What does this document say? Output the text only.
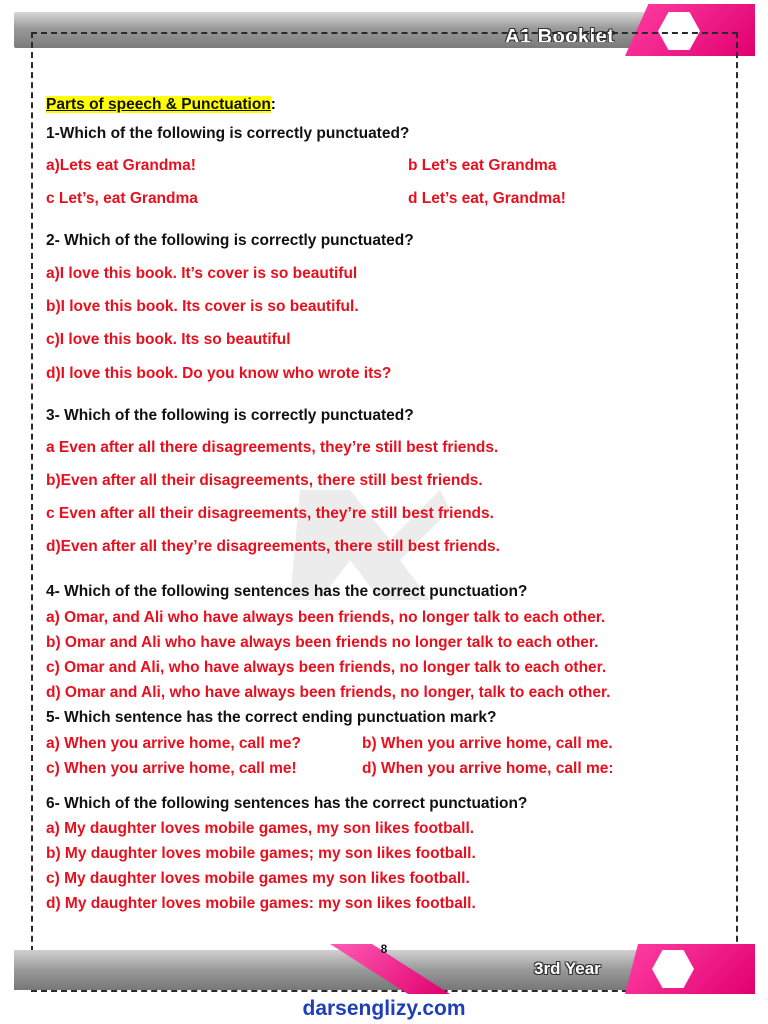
A1 Booklet
Parts of speech & Punctuation:
1-Which of the following is correctly punctuated?
a)Lets eat Grandma!	b Let’s eat Grandma
c Let’s, eat Grandma	d Let’s eat, Grandma!
2- Which of the following is correctly punctuated?
a)I love this book. It’s cover is so beautiful
b)I love this book. Its cover is so beautiful.
c)I love this book. Its so beautiful
d)I love this book. Do you know who wrote its?
3- Which of the following is correctly punctuated?
a Even after all there disagreements, they’re still best friends.
b)Even after all their disagreements, there still best friends.
c Even after all their disagreements, they’re still best friends.
d)Even after all they’re disagreements, there still best friends.
4- Which of the following sentences has the correct punctuation?
a) Omar, and Ali who have always been friends, no longer talk to each other.
b) Omar and Ali who have always been friends no longer talk to each other.
c) Omar and Ali, who have always been friends, no longer talk to each other.
d) Omar and Ali, who have always been friends, no longer, talk to each other.
5- Which sentence has the correct ending punctuation mark?
a) When you arrive home, call me?	b) When you arrive home, call me.
c) When you arrive home, call me!	d) When you arrive home, call me:
6- Which of the following sentences has the correct punctuation?
a) My daughter loves mobile games, my son likes football.
b) My daughter loves mobile games; my son likes football.
c) My daughter loves mobile games my son likes football.
d) My daughter loves mobile games: my son likes football.
8
3rd Year
darsenglizy.com
